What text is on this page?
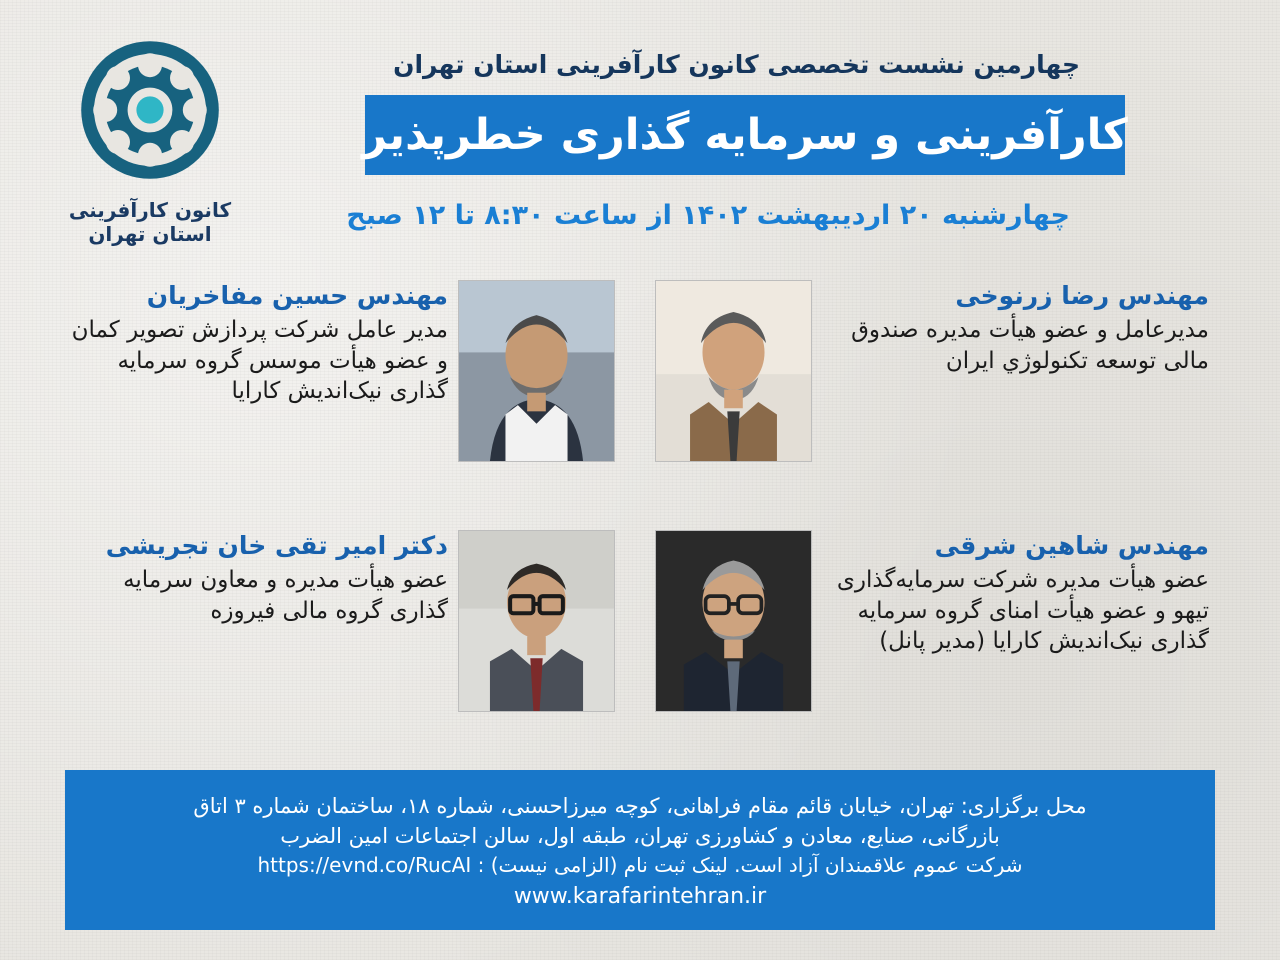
چهارمین نشست تخصصی کانون کارآفرینی استان تهران
کارآفرینی و سرمایه گذاری خطرپذیر
چهارشنبه ۲۰ اردیبهشت ۱۴۰۲ از ساعت ۸:۳۰ تا ۱۲ صبح
کانون کارآفرینی استان تهران
مهندس حسین مفاخریان
مدیر عامل شرکت پردازش تصویر کمان و عضو هیأت موسس گروه سرمایه گذاری نیک‌اندیش کارایا
مهندس رضا زرنوخی
مدیرعامل و عضو هیأت مدیره صندوق مالی توسعه تکنولوژي ایران
دکتر امیر تقی خان تجریشی
عضو هیأت مدیره و معاون سرمایه گذاری گروه مالی فیروزه
مهندس شاهین شرقی
عضو هیأت مدیره شرکت سرمایه‌گذاری تیهو و عضو هیأت امنای گروه سرمایه گذاری نیک‌اندیش کارایا (مدیر پانل)
محل برگزاری: تهران، خیابان قائم مقام فراهانی، کوچه میرزاحسنی، شماره ۱۸، ساختمان شماره ۳ اتاق
بازرگانی، صنایع، معادن و کشاورزی تهران، طبقه اول، سالن اجتماعات امین الضرب
شرکت عموم علاقمندان آزاد است. لینک ثبت نام (الزامی نیست) : https://evnd.co/RucAI
www.karafarintehran.ir
